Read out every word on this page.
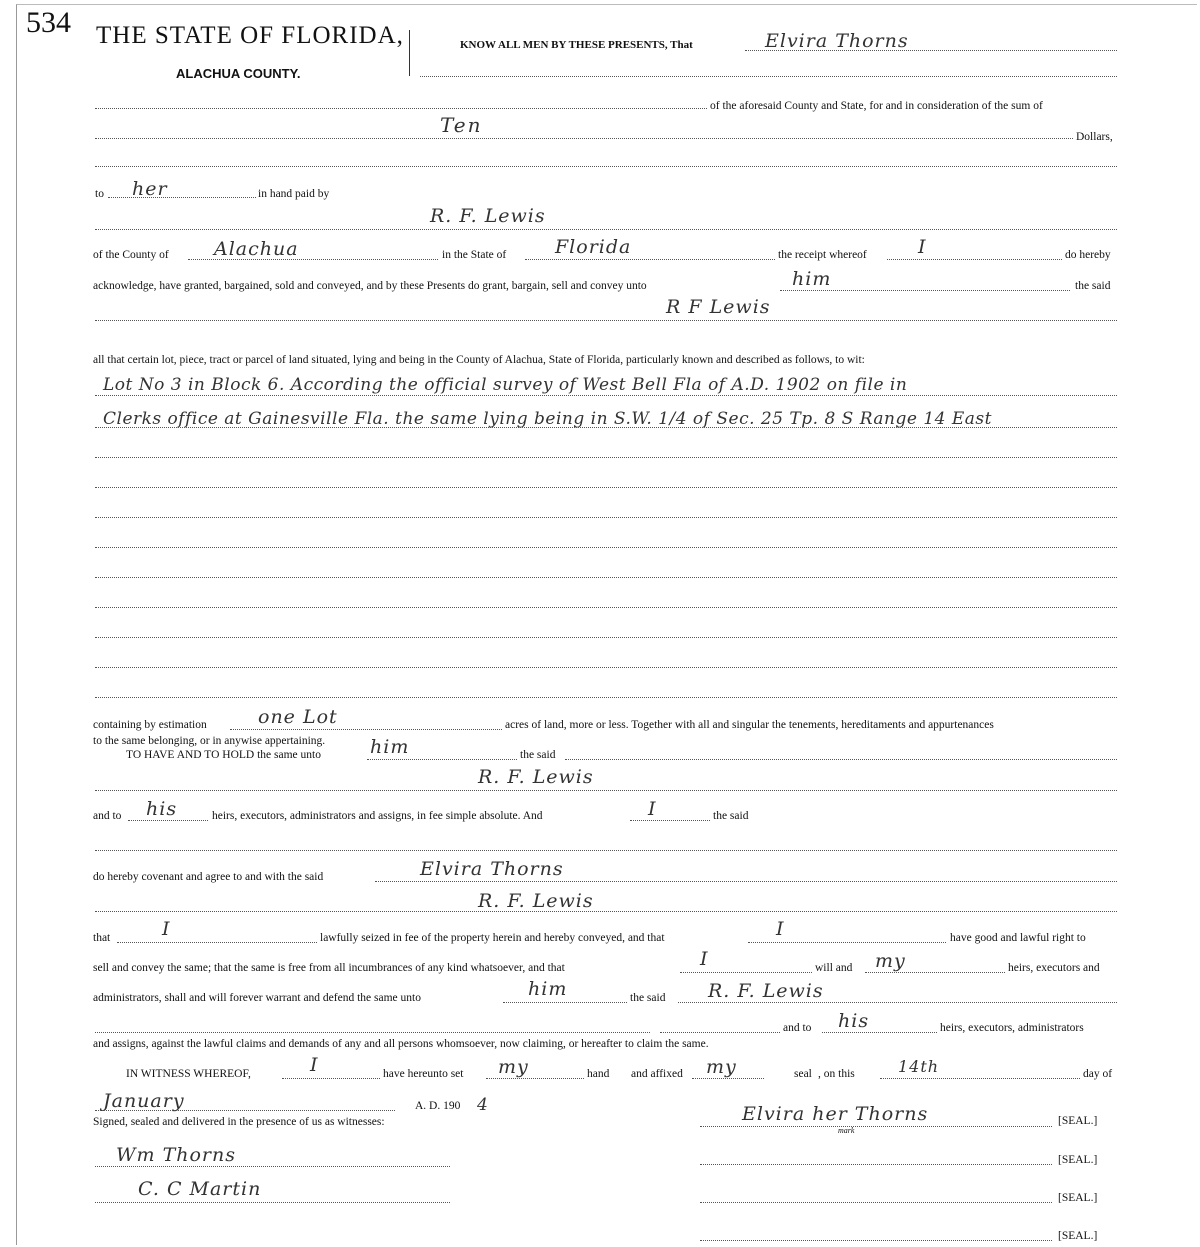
534 THE STATE OF FLORIDA,
ALACHUA COUNTY.
KNOW ALL MEN BY THESE PRESENTS, That	Elvira Thorns
of the aforesaid County and State, for and in consideration of the sum of
Ten	Dollars,
to her	in hand paid by
R. F. Lewis
of the County of Alachua	in the State of	Florida	the receipt whereof	I	do hereby
acknowledge, have granted, bargained, sold and conveyed, and by these Presents do grant, bargain, sell and convey unto	him	the said
R F Lewis
all that certain lot, piece, tract or parcel of land situated, lying and being in the County of Alachua, State of Florida, particularly known and described as follows, to wit:
Lot No 3 in Block 6. According the official survey of West Bell Fla of A.D. 1902 on file in
Clerks office at Gainesville Fla. the same lying being in S.W. 1/4 of Sec. 25 Tp. 8 S Range 14 East
containing by estimation	one Lot	acres of land, more or less. Together with all and singular the tenements, hereditaments and appurtenances
to the same belonging, or in anywise appertaining.
TO HAVE AND TO HOLD the same unto	him	the said
R. F. Lewis
and to his	heirs, executors, administrators and assigns, in fee simple absolute. And	I	the said
do hereby covenant and agree to and with the said	Elvira Thorns
R. F. Lewis
that	I	lawfully seized in fee of the property herein and hereby conveyed, and that	I	have good and lawful right to
sell and convey the same; that the same is free from all incumbrances of any kind whatsoever, and that	I	will and my	heirs, executors and
administrators, shall and will forever warrant and defend the same unto	him	the said R. F. Lewis
and to his	heirs, executors, administrators
and assigns, against the lawful claims and demands of any and all persons whomsoever, now claiming, or hereafter to claim the same.
IN WITNESS WHEREOF,	I	have hereunto set my	hand and affixed my	seal , on this	14th	day of
January	A. D. 190 4	Elvira her Thorns
mark
[SEAL.]
Signed, sealed and delivered in the presence of us as witnesses:
Wm Thorns	[SEAL.]
C. C Martin	[SEAL.]
[SEAL.]
